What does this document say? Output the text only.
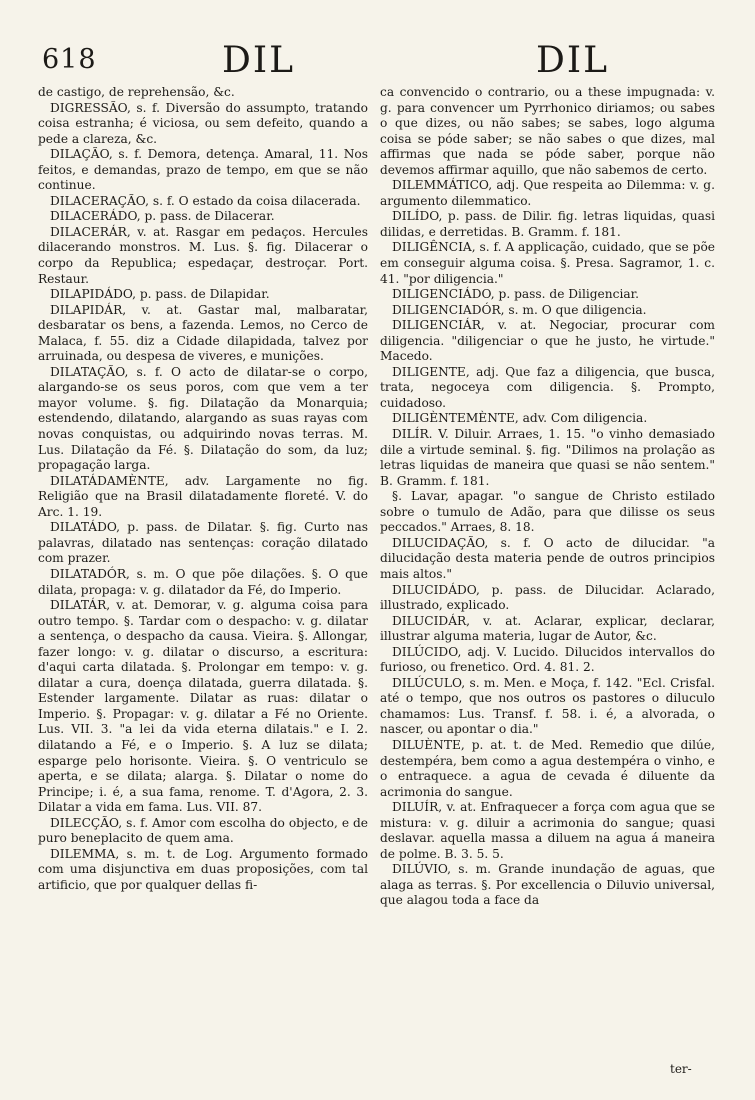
618	DIL	DIL

de castigo, de reprehensão, &c.

DIGRESSÃO, s. f. Diversão do assumpto, tratando coisa estranha; é viciosa, ou sem defeito, quando a pede a clareza, &c.

DILAÇÃO, s. f. Demora, detença. Amaral, 11. Nos feitos, e demandas, prazo de tempo, em que se não continue.

DILACERAÇÃO, s. f. O estado da coisa dilacerada.

DILACERÁDO, p. pass. de Dilacerar.

DILACERÁR, v. at. Rasgar em pedaços. Hercules dilacerando monstros. M. Lus. §. fig. Dilacerar o corpo da Republica; espedaçar, destroçar. Port. Restaur.

DILAPIDÁDO, p. pass. de Dilapidar.

DILAPIDÁR, v. at. Gastar mal, malbaratar, desbaratar os bens, a fazenda. Lemos, no Cerco de Malaca, f. 55. diz a Cidade dilapidada, talvez por arruinada, ou despesa de viveres, e munições.

DILATAÇÃO, s. f. O acto de dilatar-se o corpo, alargando-se os seus poros, com que vem a ter mayor volume. §. fig. Dilatação da Monarquia; estendendo, dilatando, alargando as suas rayas com novas conquistas, ou adquirindo novas terras. M. Lus. Dilatação da Fé. §. Dilatação do som, da luz; propagação larga.

DILATÁDAMÈNTE, adv. Largamente no fig. Religião que na Brasil dilatadamente floreté. V. do Arc. 1. 19.

DILATÁDO, p. pass. de Dilatar. §. fig. Curto nas palavras, dilatado nas sentenças: coração dilatado com prazer.

DILATADÓR, s. m. O que põe dilações. §. O que dilata, propaga: v. g. dilatador da Fé, do Imperio.

DILATÁR, v. at. Demorar, v. g. alguma coisa para outro tempo. §. Tardar com o despacho: v. g. dilatar a sentença, o despacho da causa. Vieira. §. Allongar, fazer longo: v. g. dilatar o discurso, a escritura: d'aqui carta dilatada. §. Prolongar em tempo: v. g. dilatar a cura, doença dilatada, guerra dilatada. §. Estender largamente. Dilatar as ruas: dilatar o Imperio. §. Propagar: v. g. dilatar a Fé no Oriente. Lus. VII. 3. "a lei da vida eterna dilatais." e I. 2. dilatando a Fé, e o Imperio. §. A luz se dilata; esparge pelo horisonte. Vieira. §. O ventriculo se aperta, e se dilata; alarga. §. Dilatar o nome do Principe; i. é, a sua fama, renome. T. d'Agora, 2. 3. Dilatar a vida em fama. Lus. VII. 87.

DILECÇÃO, s. f. Amor com escolha do objecto, e de puro beneplacito de quem ama.

DILEMMA, s. m. t. de Log. Argumento formado com uma disjunctiva em duas proposições, com tal artificio, que por qualquer dellas fi-

ca convencido o contrario, ou a these impugnada: v. g. para convencer um Pyrrhonico diriamos; ou sabes o que dizes, ou não sabes; se sabes, logo alguma coisa se póde saber; se não sabes o que dizes, mal affirmas que nada se póde saber, porque não devemos affirmar aquillo, que não sabemos de certo.

DILEMMÁTICO, adj. Que respeita ao Dilemma: v. g. argumento dilemmatico.

DILÍDO, p. pass. de Dilir. fig. letras liquidas, quasi dilidas, e derretidas. B. Gramm. f. 181.

DILIGÊNCIA, s. f. A applicação, cuidado, que se põe em conseguir alguma coisa. §. Presa. Sagramor, 1. c. 41. "por diligencia."

DILIGENCIÁDO, p. pass. de Diligenciar.

DILIGENCIADÓR, s. m. O que diligencia.

DILIGENCIÁR, v. at. Negociar, procurar com diligencia. "diligenciar o que he justo, he virtude." Macedo.

DILIGENTE, adj. Que faz a diligencia, que busca, trata, negoceya com diligencia. §. Prompto, cuidadoso.

DILIGÈNTEMÈNTE, adv. Com diligencia.

DILÍR. V. Diluir. Arraes, 1. 15. "o vinho demasiado dile a virtude seminal. §. fig. "Dilimos na prolação as letras liquidas de maneira que quasi se não sentem." B. Gramm. f. 181.

§. Lavar, apagar. "o sangue de Christo estilado sobre o tumulo de Adão, para que dilisse os seus peccados." Arraes, 8. 18.

DILUCIDAÇÃO, s. f. O acto de dilucidar. "a dilucidação desta materia pende de outros principios mais altos."

DILUCIDÁDO, p. pass. de Dilucidar. Aclarado, illustrado, explicado.

DILUCIDÁR, v. at. Aclarar, explicar, declarar, illustrar alguma materia, lugar de Autor, &c.

DILÚCIDO, adj. V. Lucido. Dilucidos intervallos do furioso, ou frenetico. Ord. 4. 81. 2.

DILÚCULO, s. m. Men. e Moça, f. 142. "Ecl. Crisfal. até o tempo, que nos outros os pastores o diluculo chamamos: Lus. Transf. f. 58. i. é, a alvorada, o nascer, ou apontar o dia."

DILUÈNTE, p. at. t. de Med. Remedio que dilúe, destempéra, bem como a agua destempéra o vinho, e o entraquece. a agua de cevada é diluente da acrimonia do sangue.

DILUÍR, v. at. Enfraquecer a força com agua que se mistura: v. g. diluir a acrimonia do sangue; quasi deslavar. aquella massa a diluem na agua á maneira de polme. B. 3. 5. 5.

DILÚVIO, s. m. Grande inundação de aguas, que alaga as terras. §. Por excellencia o Diluvio universal, que alagou toda a face da

ter-
